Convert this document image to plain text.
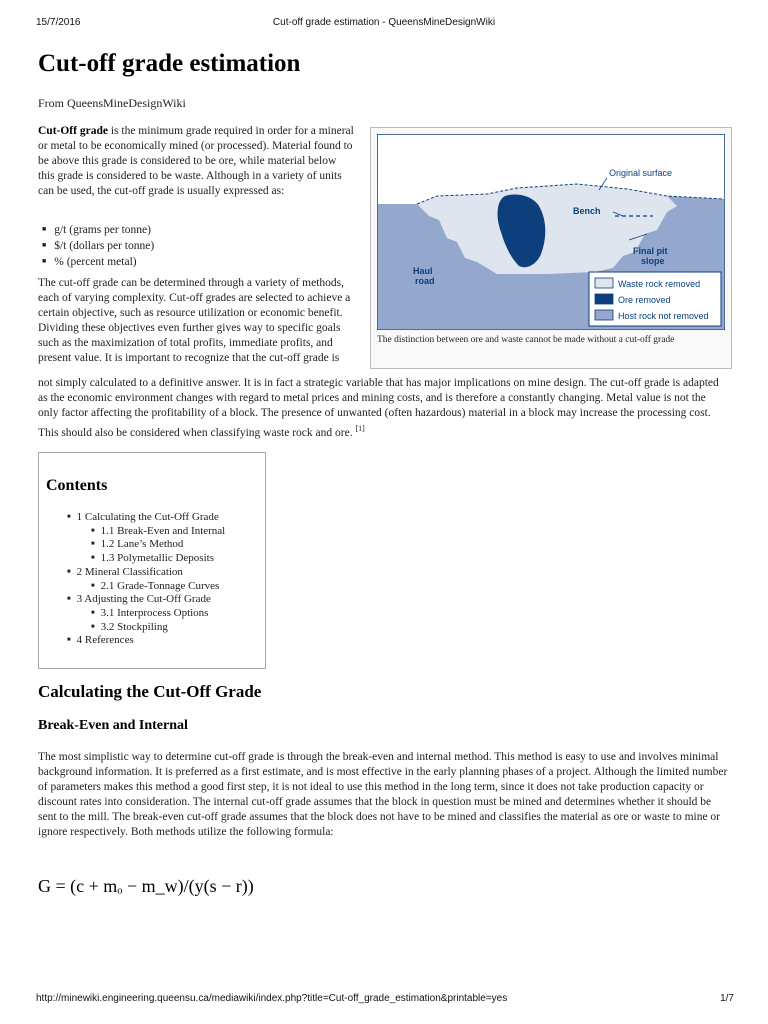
15/7/2016	Cut-off grade estimation - QueensMineDesignWiki
Cut-off grade estimation
From QueensMineDesignWiki

Cut-Off grade is the minimum grade required in order for a mineral or metal to be economically mined (or processed). Material found to be above this grade is considered to be ore, while material below this grade is considered to be waste. Although in a variety of units can be used, the cut-off grade is usually expressed as:

■ g/t (grams per tonne)
■ $/t (dollars per tonne)
■ % (percent metal)

The cut-off grade can be determined through a variety of methods, each of varying complexity. Cut-off grades are selected to achieve a certain objective, such as resource utilization or economic benefit. Dividing these objectives even further gives way to specific goals such as the maximization of total profits, immediate profits, and present value. It is important to recognize that the cut-off grade is

not simply calculated to a definitive answer. It is in fact a strategic variable that has major implications on mine design. The cut-off grade is adapted as the economic environment changes with regard to metal prices and mining costs, and is therefore a constantly changing. Metal value is not the only factor affecting the profitability of a block. The presence of unwanted (often hazardous) material in a block may increase the processing cost. This should also be considered when classifying waste rock and ore. [1]

Original surface
Bench
Final pit
slope
Haul
road	Waste rock removed
Ore removed
Host rock not removed
The distinction between ore and waste cannot be made without a cut-off grade
Contents
■ 1 Calculating the Cut-Off Grade
■ 1.1 Break-Even and Internal
■ 1.2 Lane’s Method
■ 1.3 Polymetallic Deposits
■ 2 Mineral Classification
■ 2.1 Grade-Tonnage Curves
■ 3 Adjusting the Cut-Off Grade
■ 3.1 Interprocess Options
■ 3.2 Stockpiling
■ 4 References
Calculating the Cut-Off Grade
Break-Even and Internal

The most simplistic way to determine cut-off grade is through the break-even and internal method. This method is easy to use and involves minimal background information. It is preferred as a first estimate, and is most effective in the early planning phases of a project. Although the limited number of parameters makes this method a good first step, it is not ideal to use this method in the long term, since it does not take production capacity or discount rates into consideration. The internal cut-off grade assumes that the block in question must be mined and determines whether it should be sent to the mill. The break-even cut-off grade assumes that the block does not have to be mined and classifies the material as ore or waste to mine or ignore respectively. Both methods utilize the following formula:

G = (c + mₒ − m_w)/(y(s − r))
http://minewiki.engineering.queensu.ca/mediawiki/index.php?title=Cut-off_grade_estimation&printable=yes	1/7
